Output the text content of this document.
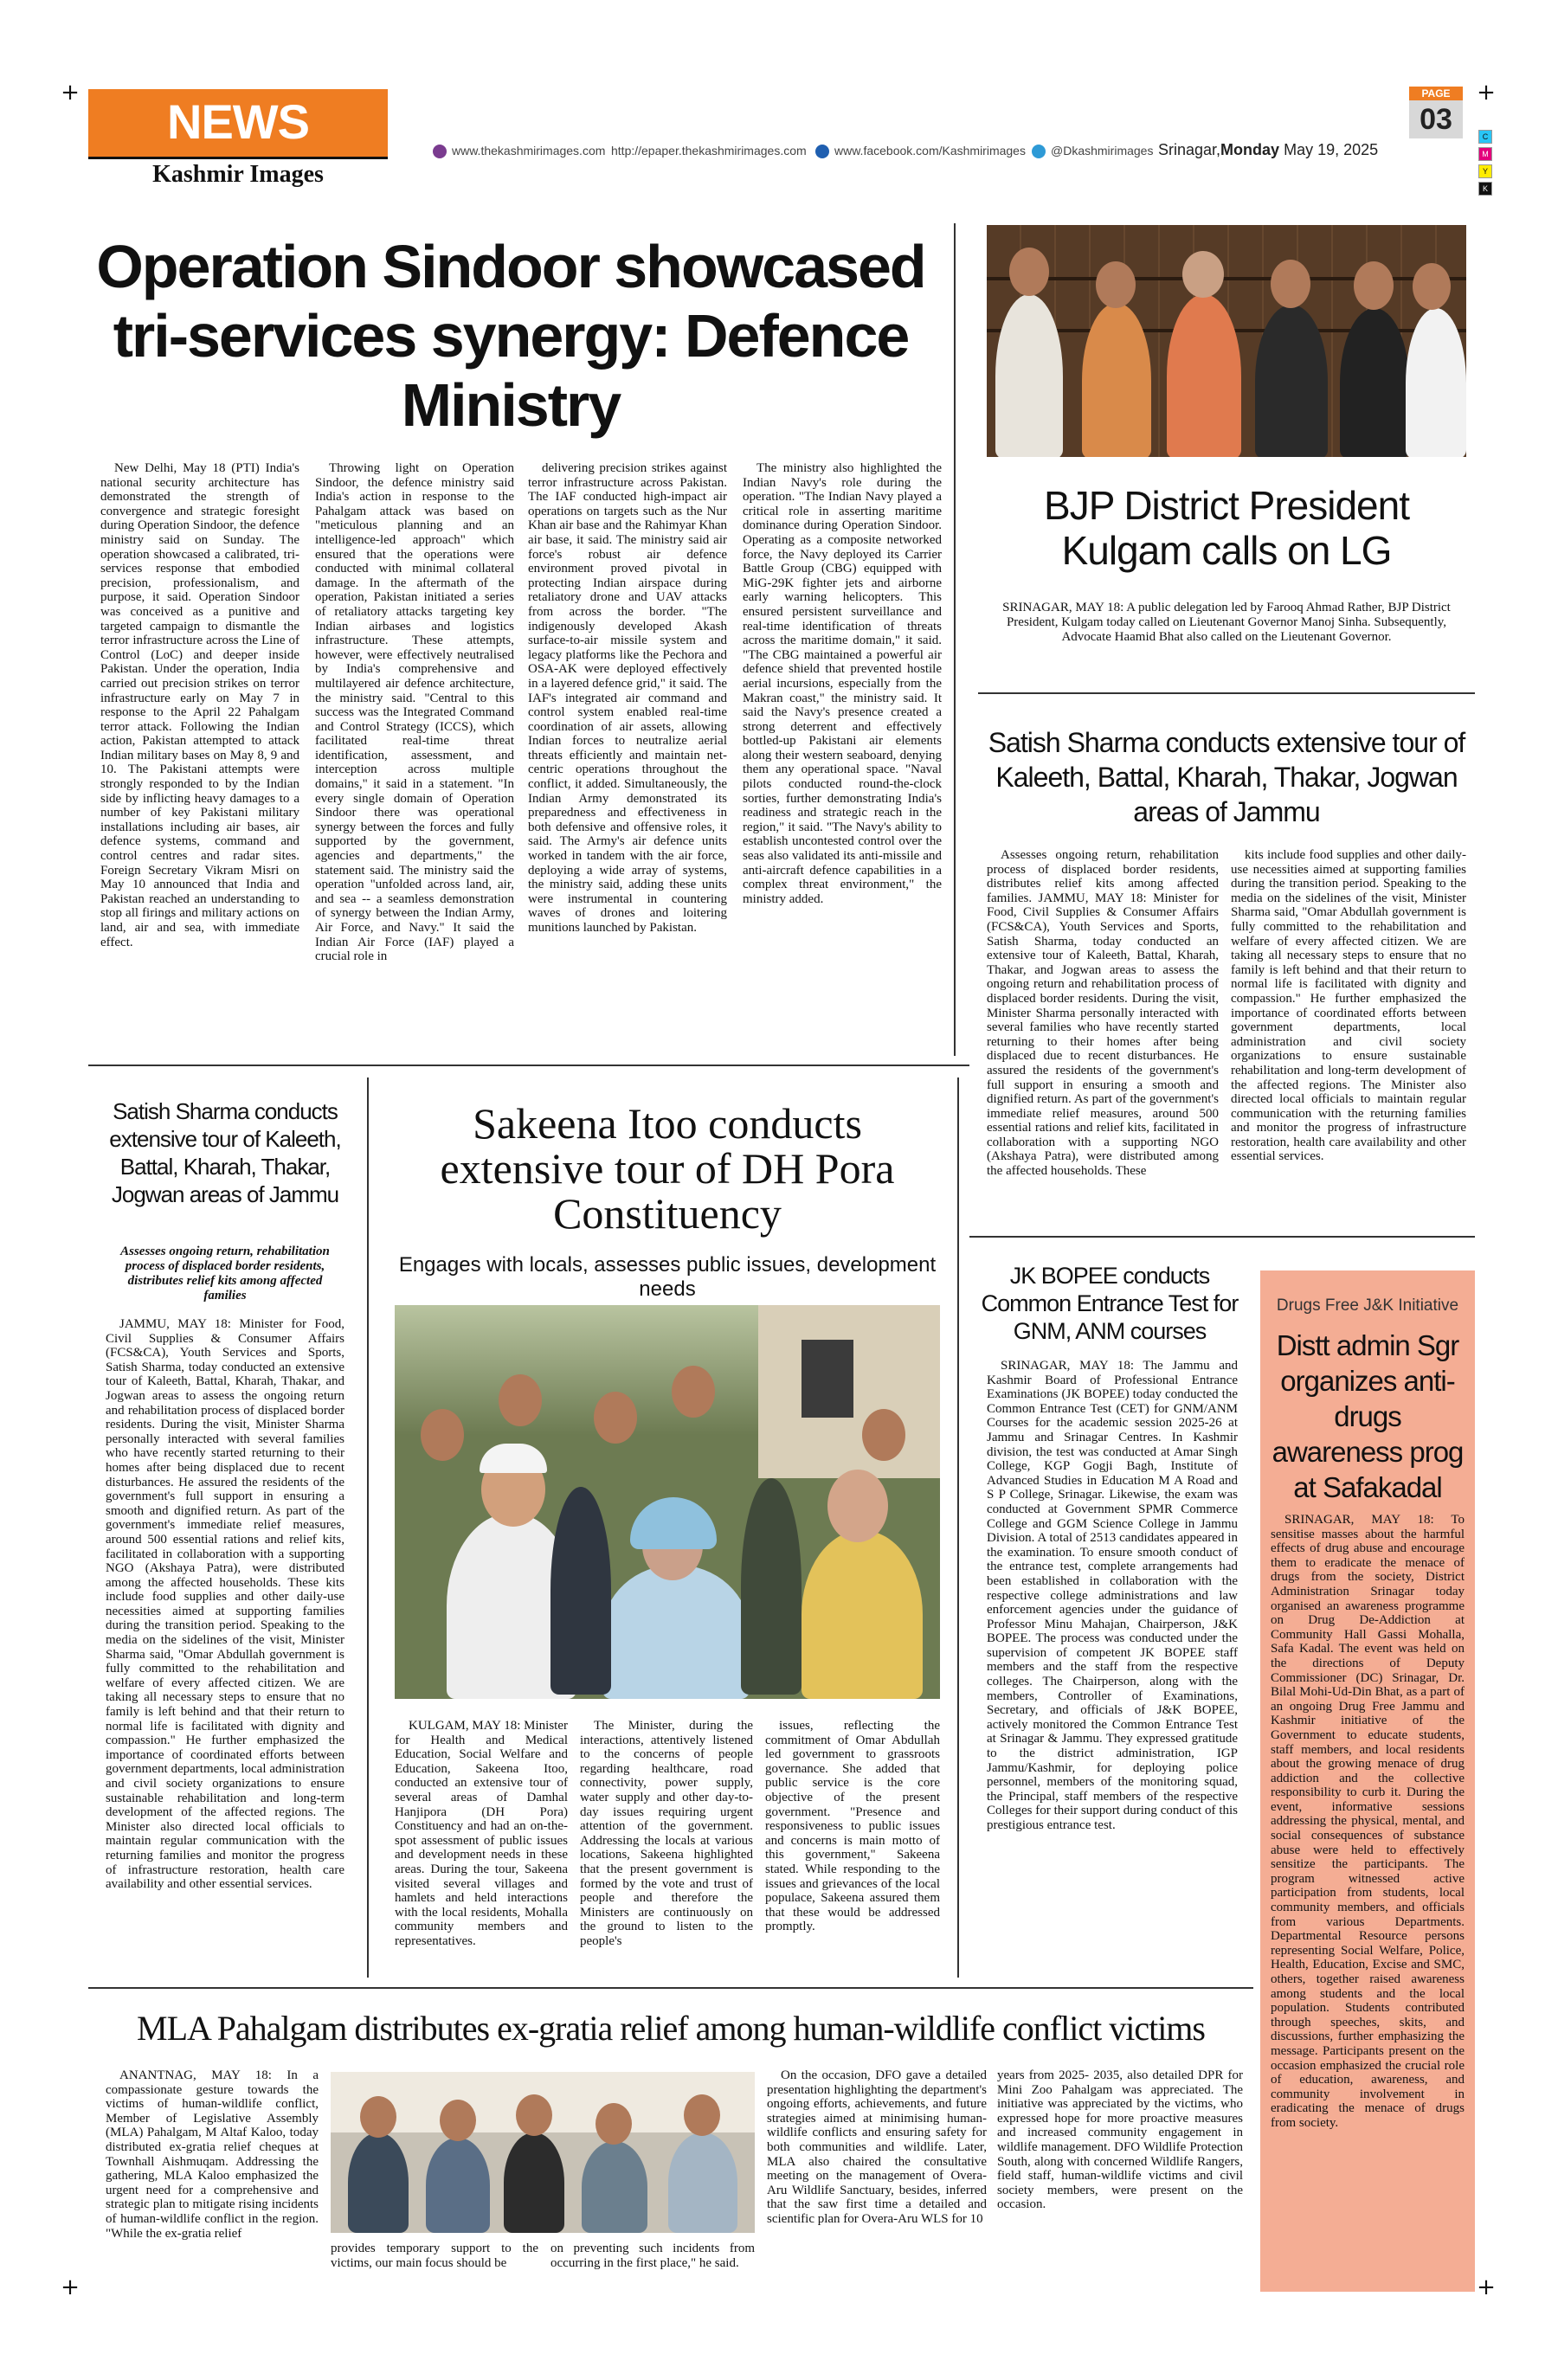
+	+
+	+
NEWS
Kashmir Images
www.thekashmirimages.com http://epaper.thekashmirimages.com	www.facebook.com/Kashmirimages	@Dkashmirimages Srinagar,Monday May 19, 2025
PAGE
03
C
M
Y
K
Operation Sindoor showcased tri-services synergy: Defence Ministry

New Delhi, May 18 (PTI) India's national security architecture has demonstrated the strength of convergence and strategic foresight during Operation Sindoor, the defence ministry said on Sunday. The operation showcased a calibrated, tri-services response that embodied precision, professionalism, and purpose, it said. Operation Sindoor was conceived as a punitive and targeted campaign to dismantle the terror infrastructure across the Line of Control (LoC) and deeper inside Pakistan. Under the operation, India carried out precision strikes on terror infrastructure early on May 7 in response to the April 22 Pahalgam terror attack. Following the Indian action, Pakistan attempted to attack Indian military bases on May 8, 9 and 10. The Pakistani attempts were strongly responded to by the Indian side by inflicting heavy damages to a number of key Pakistani military installations including air bases, air defence systems, command and control centres and radar sites. Foreign Secretary Vikram Misri on May 10 announced that India and Pakistan reached an understanding to stop all firings and military actions on land, air and sea, with immediate effect.

Throwing light on Operation Sindoor, the defence ministry said India's action in response to the Pahalgam attack was based on "meticulous planning and an intelligence-led approach" which ensured that the operations were conducted with minimal collateral damage. In the aftermath of the operation, Pakistan initiated a series of retaliatory attacks targeting key Indian airbases and logistics infrastructure. These attempts, however, were effectively neutralised by India's comprehensive and multilayered air defence architecture, the ministry said. "Central to this success was the Integrated Command and Control Strategy (ICCS), which facilitated real-time threat identification, assessment, and interception across multiple domains," it said in a statement. "In every single domain of Operation Sindoor there was operational synergy between the forces and fully supported by the government, agencies and departments," the statement said. The ministry said the operation "unfolded across land, air, and sea -- a seamless demonstration of synergy between the Indian Army, Air Force, and Navy." It said the Indian Air Force (IAF) played a crucial role in

delivering precision strikes against terror infrastructure across Pakistan. The IAF conducted high-impact air operations on targets such as the Nur Khan air base and the Rahimyar Khan air base, it said. The ministry said air force's robust air defence environment proved pivotal in protecting Indian airspace during retaliatory drone and UAV attacks from across the border. "The indigenously developed Akash surface-to-air missile system and legacy platforms like the Pechora and OSA-AK were deployed effectively in a layered defence grid," it said. The IAF's integrated air command and control system enabled real-time coordination of air assets, allowing Indian forces to neutralize aerial threats efficiently and maintain net-centric operations throughout the conflict, it added. Simultaneously, the Indian Army demonstrated its preparedness and effectiveness in both defensive and offensive roles, it said. The Army's air defence units worked in tandem with the air force, deploying a wide array of systems, the ministry said, adding these units were instrumental in countering waves of drones and loitering munitions launched by Pakistan.

The ministry also highlighted the Indian Navy's role during the operation. "The Indian Navy played a critical role in asserting maritime dominance during Operation Sindoor. Operating as a composite networked force, the Navy deployed its Carrier Battle Group (CBG) equipped with MiG-29K fighter jets and airborne early warning helicopters. This ensured persistent surveillance and real-time identification of threats across the maritime domain," it said. "The CBG maintained a powerful air defence shield that prevented hostile aerial incursions, especially from the Makran coast," the ministry said. It said the Navy's presence created a strong deterrent and effectively bottled-up Pakistani air elements along their western seaboard, denying them any operational space. "Naval pilots conducted round-the-clock sorties, further demonstrating India's readiness and strategic reach in the region," it said. "The Navy's ability to establish uncontested control over the seas also validated its anti-missile and anti-aircraft defence capabilities in a complex threat environment," the ministry added.

BJP District President Kulgam calls on LG
SRINAGAR, MAY 18: A public delegation led by Farooq Ahmad Rather, BJP District President, Kulgam today called on Lieutenant Governor Manoj Sinha. Subsequently, Advocate Haamid Bhat also called on the Lieutenant Governor.
Satish Sharma conducts extensive tour of Kaleeth, Battal, Kharah, Thakar, Jogwan areas of Jammu

Assesses ongoing return, rehabilitation process of displaced border residents, distributes relief kits among affected families. JAMMU, MAY 18: Minister for Food, Civil Supplies & Consumer Affairs (FCS&CA), Youth Services and Sports, Satish Sharma, today conducted an extensive tour of Kaleeth, Battal, Kharah, Thakar, and Jogwan areas to assess the ongoing return and rehabilitation process of displaced border residents. During the visit, Minister Sharma personally interacted with several families who have recently started returning to their homes after being displaced due to recent disturbances. He assured the residents of the government's full support in ensuring a smooth and dignified return. As part of the government's immediate relief measures, around 500 essential rations and relief kits, facilitated in collaboration with a supporting NGO (Akshaya Patra), were distributed among the affected households. These

kits include food supplies and other daily-use necessities aimed at supporting families during the transition period. Speaking to the media on the sidelines of the visit, Minister Sharma said, "Omar Abdullah government is fully committed to the rehabilitation and welfare of every affected citizen. We are taking all necessary steps to ensure that no family is left behind and that their return to normal life is facilitated with dignity and compassion." He further emphasized the importance of coordinated efforts between government departments, local administration and civil society organizations to ensure sustainable rehabilitation and long-term development of the affected regions. The Minister also directed local officials to maintain regular communication with the returning families and monitor the progress of infrastructure restoration, health care availability and other essential services.

Satish Sharma conducts extensive tour of Kaleeth, Battal, Kharah, Thakar, Jogwan areas of Jammu
Assesses ongoing return, rehabilitation process of displaced border residents, distributes relief kits among affected families

JAMMU, MAY 18: Minister for Food, Civil Supplies & Consumer Affairs (FCS&CA), Youth Services and Sports, Satish Sharma, today conducted an extensive tour of Kaleeth, Battal, Kharah, Thakar, and Jogwan areas to assess the ongoing return and rehabilitation process of displaced border residents. During the visit, Minister Sharma personally interacted with several families who have recently started returning to their homes after being displaced due to recent disturbances. He assured the residents of the government's full support in ensuring a smooth and dignified return. As part of the government's immediate relief measures, around 500 essential rations and relief kits, facilitated in collaboration with a supporting NGO (Akshaya Patra), were distributed among the affected households. These kits include food supplies and other daily-use necessities aimed at supporting families during the transition period. Speaking to the media on the sidelines of the visit, Minister Sharma said, "Omar Abdullah government is fully committed to the rehabilitation and welfare of every affected citizen. We are taking all necessary steps to ensure that no family is left behind and that their return to normal life is facilitated with dignity and compassion." He further emphasized the importance of coordinated efforts between government departments, local administration and civil society organizations to ensure sustainable rehabilitation and long-term development of the affected regions. The Minister also directed local officials to maintain regular communication with the returning families and monitor the progress of infrastructure restoration, health care availability and other essential services.

Sakeena Itoo conducts extensive tour of DH Pora Constituency
Engages with locals, assesses public issues, development needs

KULGAM, MAY 18: Minister for Health and Medical Education, Social Welfare and Education, Sakeena Itoo, conducted an extensive tour of several areas of Damhal Hanjipora (DH Pora) Constituency and had an on-the-spot assessment of public issues and development needs in these areas. During the tour, Sakeena visited several villages and hamlets and held interactions with the local residents, Mohalla community members and representatives.

The Minister, during the interactions, attentively listened to the concerns of people regarding healthcare, road connectivity, power supply, water supply and other day-to-day issues requiring urgent attention of the government. Addressing the locals at various locations, Sakeena highlighted that the present government is formed by the vote and trust of people and therefore the Ministers are continuously on the ground to listen to the people's

issues, reflecting the commitment of Omar Abdullah led government to grassroots governance. She added that public service is the core objective of the present government. "Presence and responsiveness to public issues and concerns is main motto of this government," Sakeena stated. While responding to the issues and grievances of the local populace, Sakeena assured them that these would be addressed promptly.

JK BOPEE conducts Common Entrance Test for GNM, ANM courses

SRINAGAR, MAY 18: The Jammu and Kashmir Board of Professional Entrance Examinations (JK BOPEE) today conducted the Common Entrance Test (CET) for GNM/ANM Courses for the academic session 2025-26 at Jammu and Srinagar Centres. In Kashmir division, the test was conducted at Amar Singh College, KGP Gogji Bagh, Institute of Advanced Studies in Education M A Road and S P College, Srinagar. Likewise, the exam was conducted at Government SPMR Commerce College and GGM Science College in Jammu Division. A total of 2513 candidates appeared in the examination. To ensure smooth conduct of the entrance test, complete arrangements had been established in collaboration with the respective college administrations and law enforcement agencies under the guidance of Professor Minu Mahajan, Chairperson, J&K BOPEE. The process was conducted under the supervision of competent JK BOPEE staff members and the staff from the respective colleges. The Chairperson, along with the members, Controller of Examinations, Secretary, and officials of J&K BOPEE, actively monitored the Common Entrance Test at Srinagar & Jammu. They expressed gratitude to the district administration, IGP Jammu/Kashmir, for deploying police personnel, members of the monitoring squad, the Principal, staff members of the respective Colleges for their support during conduct of this prestigious entrance test.

Drugs Free J&K Initiative
Distt admin Sgr organizes anti-drugs awareness prog at Safakadal

SRINAGAR, MAY 18: To sensitise masses about the harmful effects of drug abuse and encourage them to eradicate the menace of drugs from the society, District Administration Srinagar today organised an awareness programme on Drug De-Addiction at Community Hall Gassi Mohalla, Safa Kadal. The event was held on the directions of Deputy Commissioner (DC) Srinagar, Dr. Bilal Mohi-Ud-Din Bhat, as a part of an ongoing Drug Free Jammu and Kashmir initiative of the Government to educate students, staff members, and local residents about the growing menace of drug addiction and the collective responsibility to curb it. During the event, informative sessions addressing the physical, mental, and social consequences of substance abuse were held to effectively sensitize the participants. The program witnessed active participation from students, local community members, and officials from various Departments. Departmental Resource persons representing Social Welfare, Police, Health, Education, Excise and SMC, others, together raised awareness among students and the local population. Students contributed through speeches, skits, and discussions, further emphasizing the message. Participants present on the occasion emphasized the crucial role of education, awareness, and community involvement in eradicating the menace of drugs from society.

MLA Pahalgam distributes ex-gratia relief among human-wildlife conflict victims

ANANTNAG, MAY 18: In a compassionate gesture towards the victims of human-wildlife conflict, Member of Legislative Assembly (MLA) Pahalgam, M Altaf Kaloo, today distributed ex-gratia relief cheques at Townhall Aishmuqam. Addressing the gathering, MLA Kaloo emphasized the urgent need for a comprehensive and strategic plan to mitigate rising incidents of human-wildlife conflict in the region. "While the ex-gratia relief

provides temporary support to the victims, our main focus should be

on preventing such incidents from occurring in the first place," he said.

On the occasion, DFO gave a detailed presentation highlighting the department's ongoing efforts, achievements, and future strategies aimed at minimising human-wildlife conflicts and ensuring safety for both communities and wildlife. Later, MLA also chaired the consultative meeting on the management of Overa-Aru Wildlife Sanctuary, besides, inferred that the saw first time a detailed and scientific plan for Overa-Aru WLS for 10

years from 2025- 2035, also detailed DPR for Mini Zoo Pahalgam was appreciated. The initiative was appreciated by the victims, who expressed hope for more proactive measures and increased community engagement in wildlife management. DFO Wildlife Protection South, along with concerned Wildlife Rangers, field staff, human-wildlife victims and civil society members, were present on the occasion.
